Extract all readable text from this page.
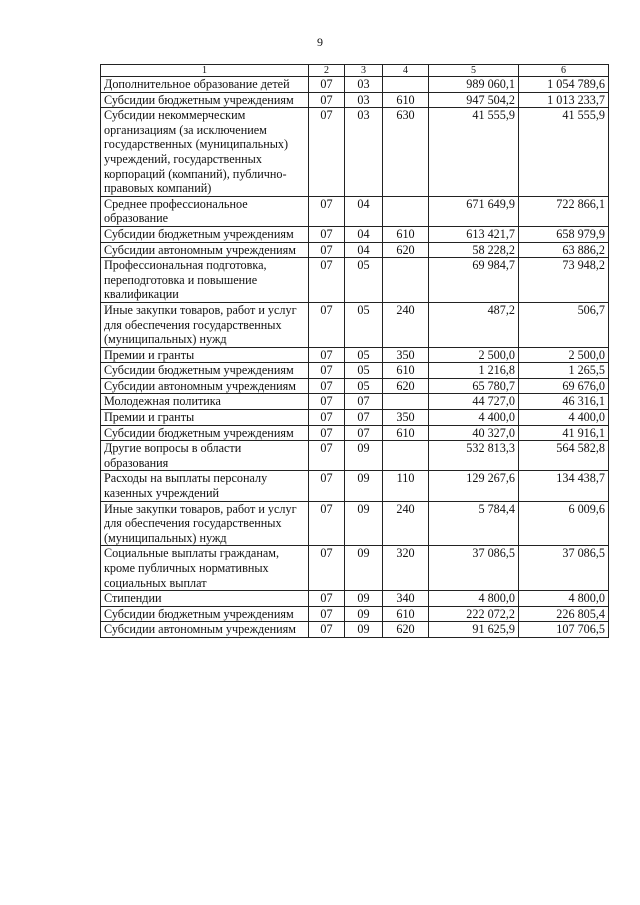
9
1	2	3	4	5	6
Дополнительное образование детей	07	03		989 060,1	1 054 789,6
Субсидии бюджетным учреждениям	07	03	610	947 504,2	1 013 233,7
Субсидии некоммерческим организациям (за исключением государственных (муниципальных) учреждений, государственных корпораций (компаний), публично-правовых компаний)	07	03	630	41 555,9	41 555,9
Среднее профессиональное образование	07	04		671 649,9	722 866,1
Субсидии бюджетным учреждениям	07	04	610	613 421,7	658 979,9
Субсидии автономным учреждениям	07	04	620	58 228,2	63 886,2
Профессиональная подготовка, переподготовка и повышение квалификации	07	05		69 984,7	73 948,2
Иные закупки товаров, работ и услуг для обеспечения государственных (муниципальных) нужд	07	05	240	487,2	506,7
Премии и гранты	07	05	350	2 500,0	2 500,0
Субсидии бюджетным учреждениям	07	05	610	1 216,8	1 265,5
Субсидии автономным учреждениям	07	05	620	65 780,7	69 676,0
Молодежная политика	07	07		44 727,0	46 316,1
Премии и гранты	07	07	350	4 400,0	4 400,0
Субсидии бюджетным учреждениям	07	07	610	40 327,0	41 916,1
Другие вопросы в области образования	07	09		532 813,3	564 582,8
Расходы на выплаты персоналу казенных учреждений	07	09	110	129 267,6	134 438,7
Иные закупки товаров, работ и услуг для обеспечения государственных (муниципальных) нужд	07	09	240	5 784,4	6 009,6
Социальные выплаты гражданам, кроме публичных нормативных социальных выплат	07	09	320	37 086,5	37 086,5
Стипендии	07	09	340	4 800,0	4 800,0
Субсидии бюджетным учреждениям	07	09	610	222 072,2	226 805,4
Субсидии автономным учреждениям	07	09	620	91 625,9	107 706,5
